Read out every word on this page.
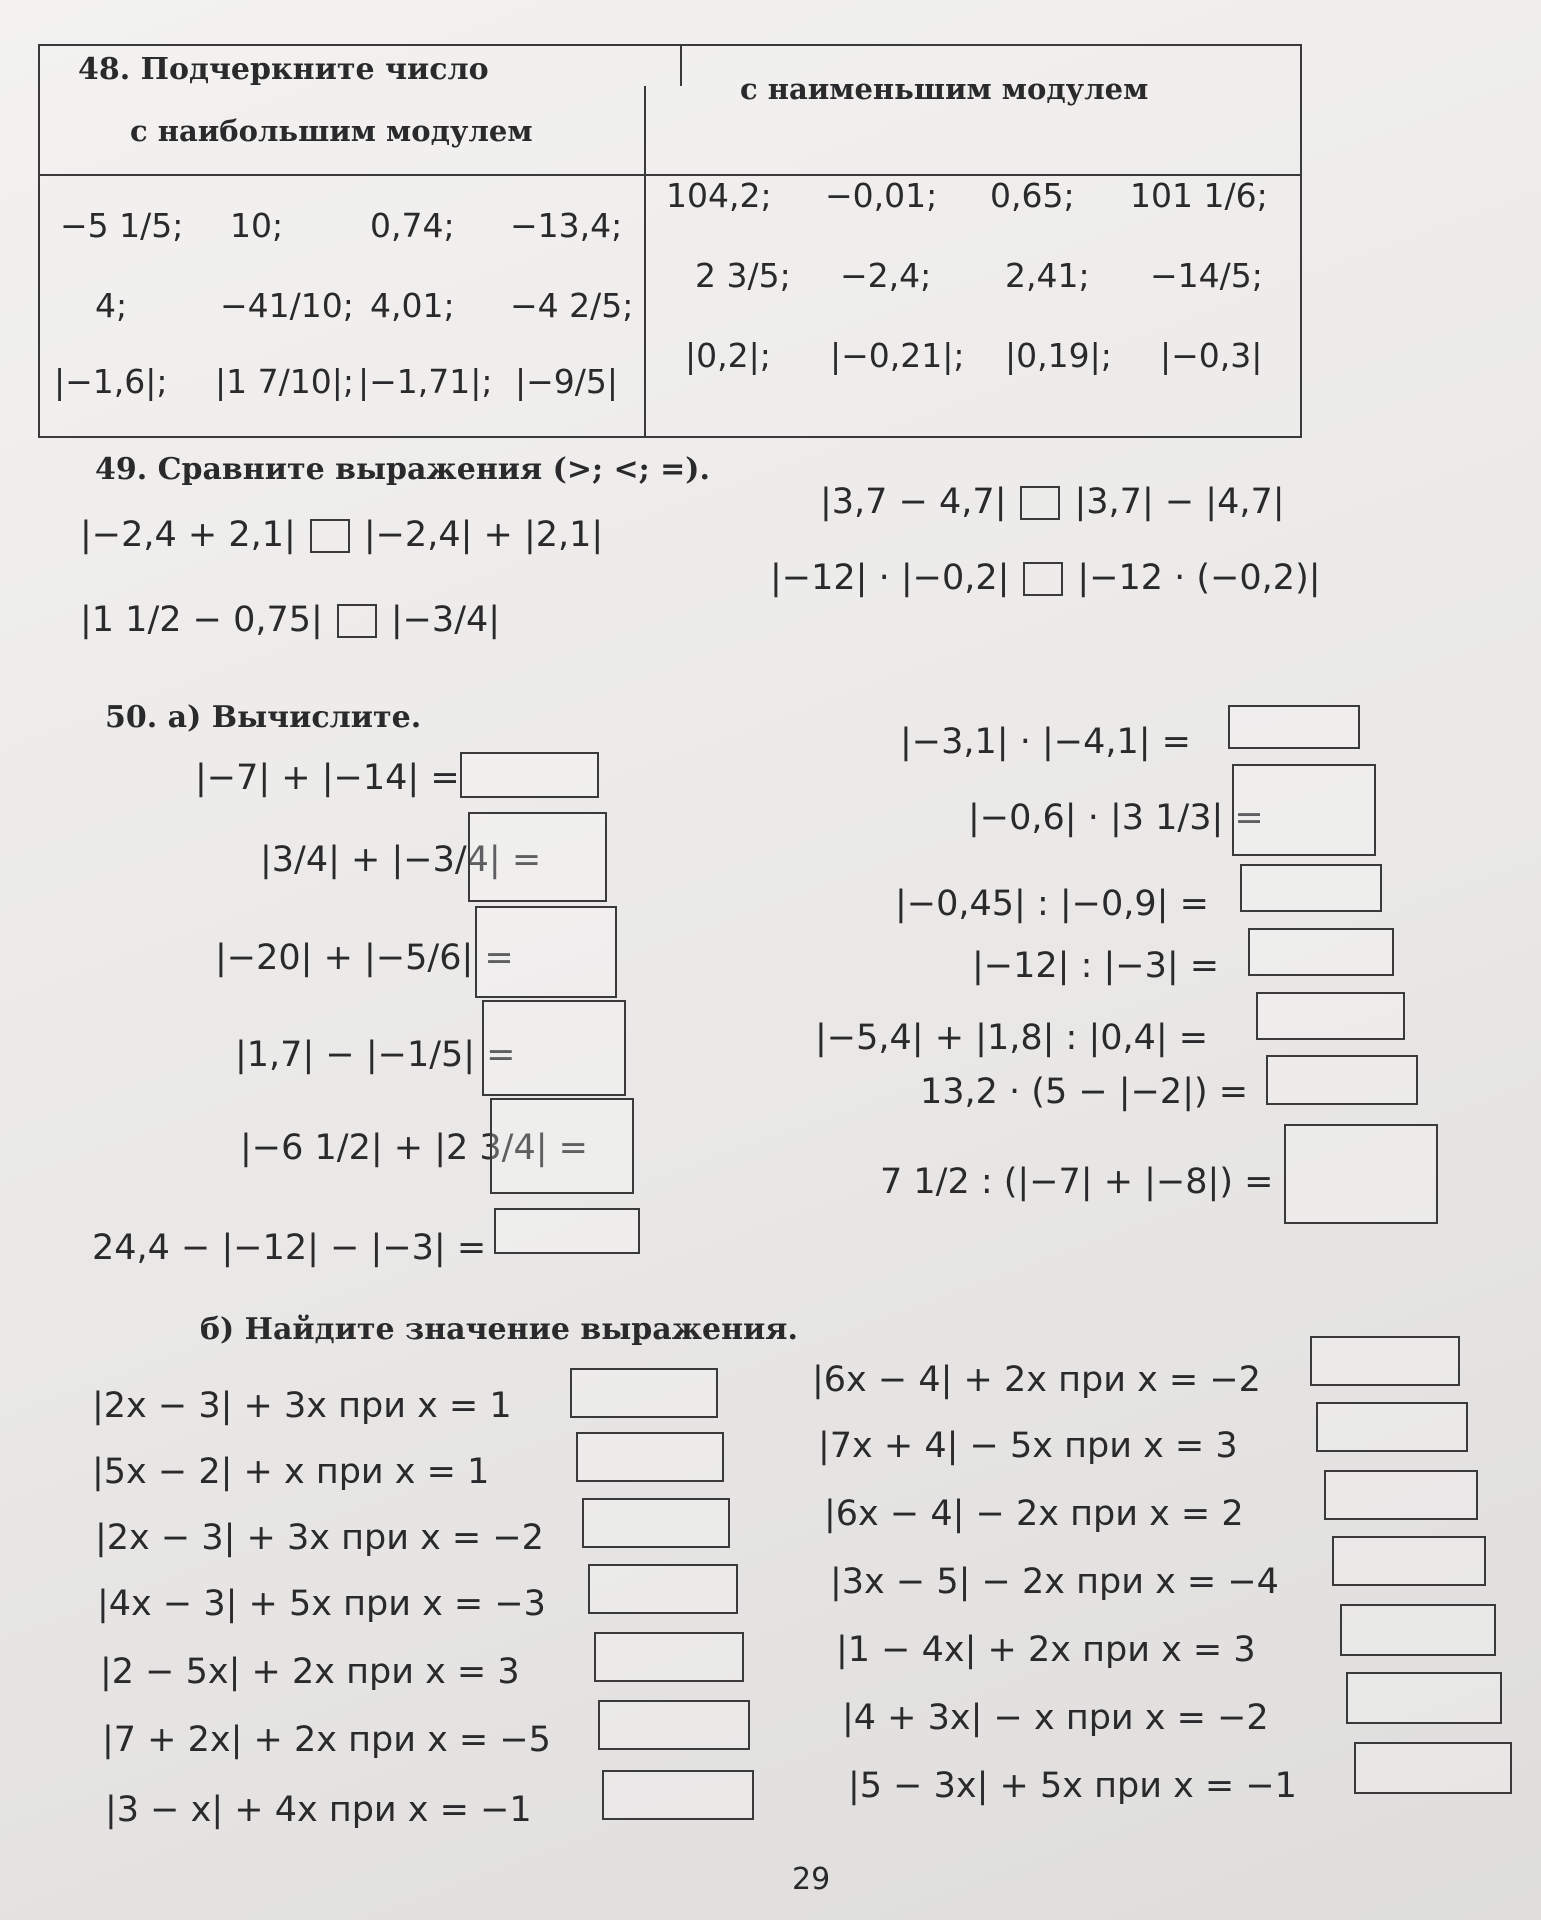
48. Подчеркните число
с наибольшим модулем
с наименьшим модулем
−5 1/5; 10;	0,74; −13,4;
4;	−41/10; 4,01; −4 2/5;
|−1,6|; |1 7/10|; |−1,71|; |−9/5|
104,2; −0,01; 0,65; 101 1/6;
2 3/5; −2,4; 2,41; −14/5;
|0,2|; |−0,21|; |0,19|; |−0,3|
49. Сравните выражения (>; <; =).
|−2,4 + 2,1| |−2,4| + |2,1|
|1 1/2 − 0,75| |−3/4|
|3,7 − 4,7| |3,7| − |4,7|
|−12| · |−0,2| |−12 · (−0,2)|
50. а) Вычислите.
|−7| + |−14| =
|3/4| + |−3/4| =
|−20| + |−5/6| =
|1,7| − |−1/5| =
|−6 1/2| + |2 3/4| =
24,4 − |−12| − |−3| =
|−3,1| · |−4,1| =
|−0,6| · |3 1/3| =
|−0,45| : |−0,9| =
|−12| : |−3| =
|−5,4| + |1,8| : |0,4| =
13,2 · (5 − |−2|) =
7 1/2 : (|−7| + |−8|) =
б) Найдите значение выражения.
|2x − 3| + 3x при x = 1
|5x − 2| + x при x = 1
|2x − 3| + 3x при x = −2
|4x − 3| + 5x при x = −3
|2 − 5x| + 2x при x = 3
|7 + 2x| + 2x при x = −5
|3 − x| + 4x при x = −1
|6x − 4| + 2x при x = −2
|7x + 4| − 5x при x = 3
|6x − 4| − 2x при x = 2
|3x − 5| − 2x при x = −4
|1 − 4x| + 2x при x = 3
|4 + 3x| − x при x = −2
|5 − 3x| + 5x при x = −1
29
